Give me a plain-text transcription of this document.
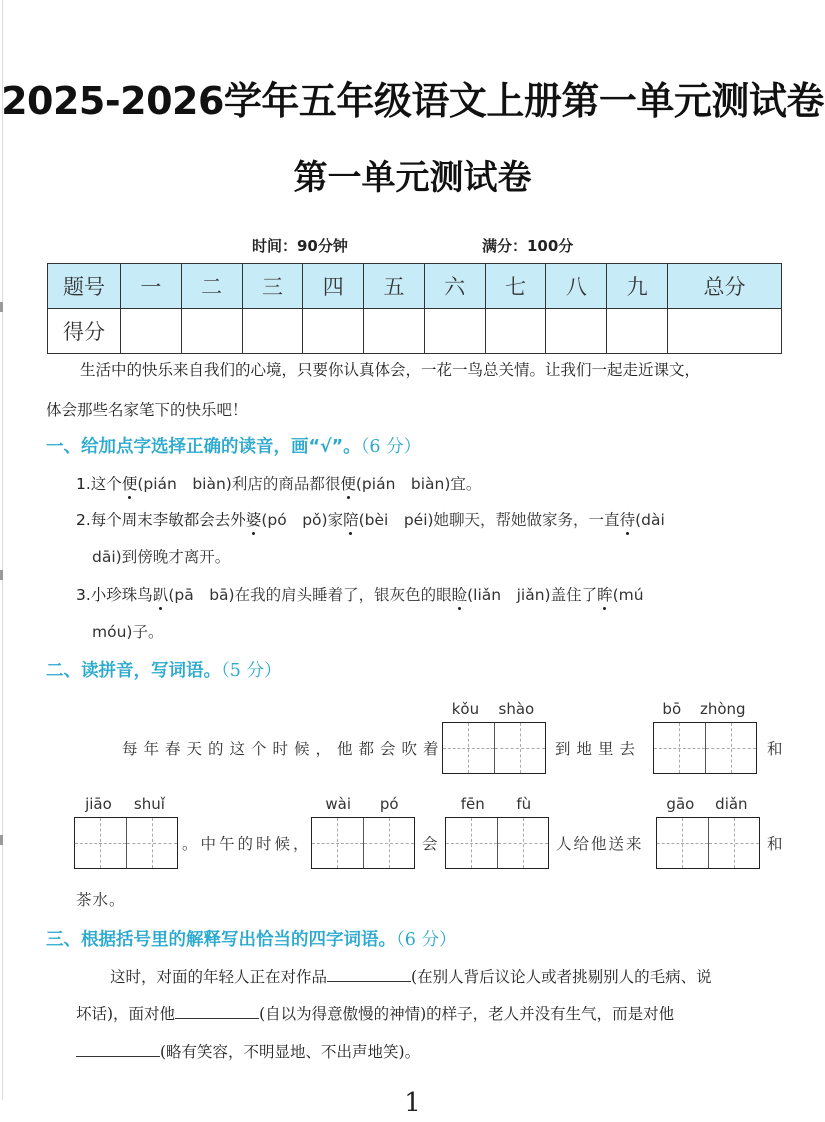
2025-2026学年五年级语文上册第一单元测试卷
第一单元测试卷
时间：90分钟	满分：100分
题号	一	二	三	四	五	六	七	八	九	总分
得分										
生活中的快乐来自我们的心境，只要你认真体会，一花一鸟总关情。让我们一起走近课文，
体会那些名家笔下的快乐吧！
一、给加点字选择正确的读音，画“√”。（6 分）
1.这个便(pián　biàn)利店的商品都很便(pián　biàn)宜。
2.每个周末李敏都会去外婆(pó　pǒ)家陪(bèi　péi)她聊天，帮她做家务，一直待(dài
dāi)到傍晚才离开。
3.小珍珠鸟趴(pā　bā)在我的肩头睡着了，银灰色的眼睑(liǎn　jiǎn)盖住了眸(mú
móu)子。
二、读拼音，写词语。（5 分）
每年春天的这个时候，他都会吹着
kǒu shào
到地里去
bō zhòng
和
jiāo shuǐ
。中午的时候，
wài pó
会
fēn fù
人给他送来
gāo diǎn
和
茶水。
三、根据括号里的解释写出恰当的四字词语。（6 分）
这时，对面的年轻人正在对作品	(在别人背后议论人或者挑剔别人的毛病、说
坏话)，面对他	(自以为得意傲慢的神情)的样子，老人并没有生气，而是对他
(略有笑容，不明显地、不出声地笑)。
1
